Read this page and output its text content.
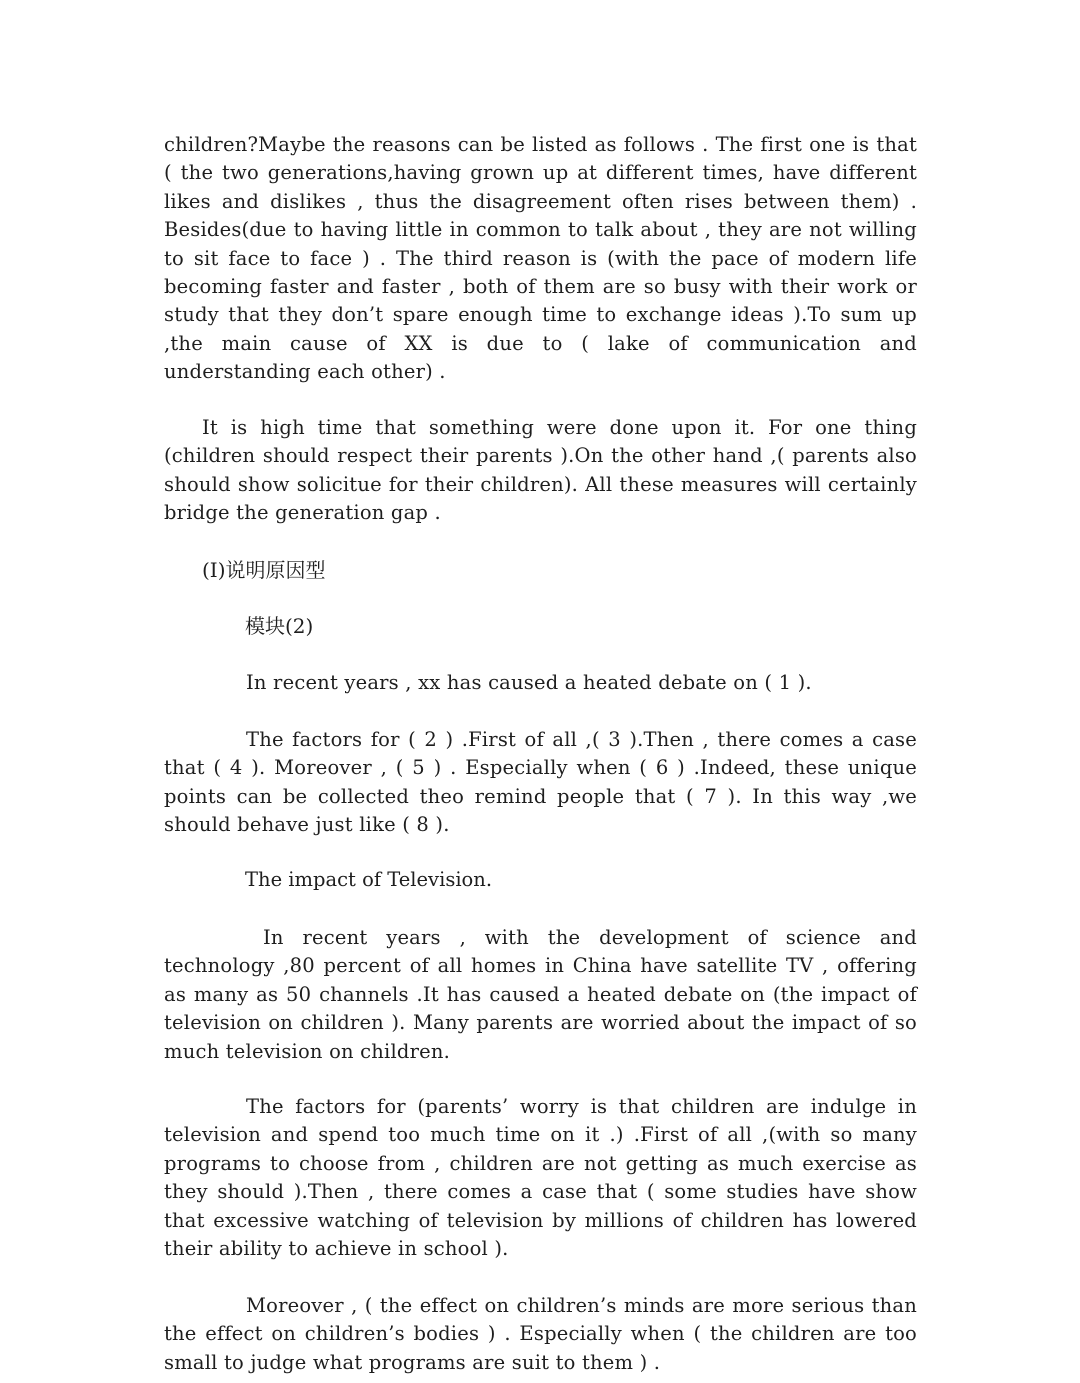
children?Maybe the reasons can be listed as follows . The first one is that ( the two generations,having grown up at different times, have different likes and dislikes , thus the disagreement often rises between them) . Besides(due to having little in common to talk about , they are not willing to sit face to face ) . The third reason is (with the pace of modern life becoming faster and faster , both of them are so busy with their work or study that they don’t spare enough time to exchange ideas ).To sum up ,the main cause of XX is due to ( lake of communication and understanding each other) .

It is high time that something were done upon it. For one thing (children should respect their parents ).On the other hand ,( parents also should show solicitue for their children). All these measures will certainly bridge the generation gap .

(I)说明原因型

模块(2)

In recent years , xx has caused a heated debate on ( 1 ).

The factors for ( 2 ) .First of all ,( 3 ).Then , there comes a case that ( 4 ). Moreover , ( 5 ) . Especially when ( 6 ) .Indeed, these unique points can be collected theo remind people that ( 7 ). In this way ,we should behave just like ( 8 ).

The impact of Television.

In recent years , with the development of science and technology ,80 percent of all homes in China have satellite TV , offering as many as 50 channels .It has caused a heated debate on (the impact of television on children ). Many parents are worried about the impact of so much television on children.

The factors for (parents’ worry is that children are indulge in television and spend too much time on it .) .First of all ,(with so many programs to choose from , children are not getting as much exercise as they should ).Then , there comes a case that ( some studies have show that excessive watching of television by millions of children has lowered their ability to achieve in school ).

Moreover , ( the effect on children’s minds are more serious than the effect on children’s bodies ) . Especially when ( the children are too small to judge what programs are suit to them ) .
